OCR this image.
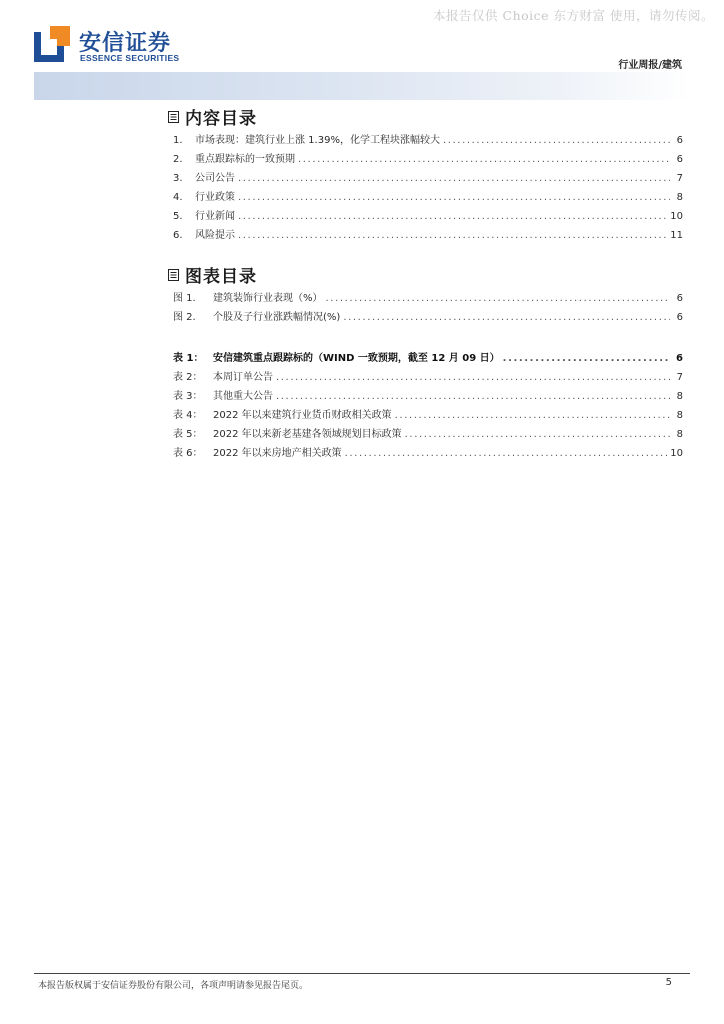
本报告仅供 Choice 东方财富 使用，请勿传阅。
安信证券
ESSENCE SECURITIES
行业周报/建筑
内容目录
1.	市场表现：建筑行业上涨 1.39%，化学工程块涨幅较大 .....	6
2.	重点跟踪标的一致预期 .....	6
3.	公司公告 .....	7
4.	行业政策 .....	8
5.	行业新闻 .....	10
6.	风险提示 .....	11
图表目录
图 1.	建筑装饰行业表现（%） .....	6
图 2.	个股及子行业涨跌幅情况(%) .....	6
表 1： 安信建筑重点跟踪标的（WIND 一致预期，截至 12 月 09 日） .....	6
表 2：	本周订单公告 .....	7
表 3：	其他重大公告 .....	8
表 4：	2022 年以来建筑行业货币财政相关政策 .....	8
表 5：	2022 年以来新老基建各领域规划目标政策 .....	8
表 6：	2022 年以来房地产相关政策 .....	10
本报告版权属于安信证券股份有限公司，各项声明请参见报告尾页。	5
